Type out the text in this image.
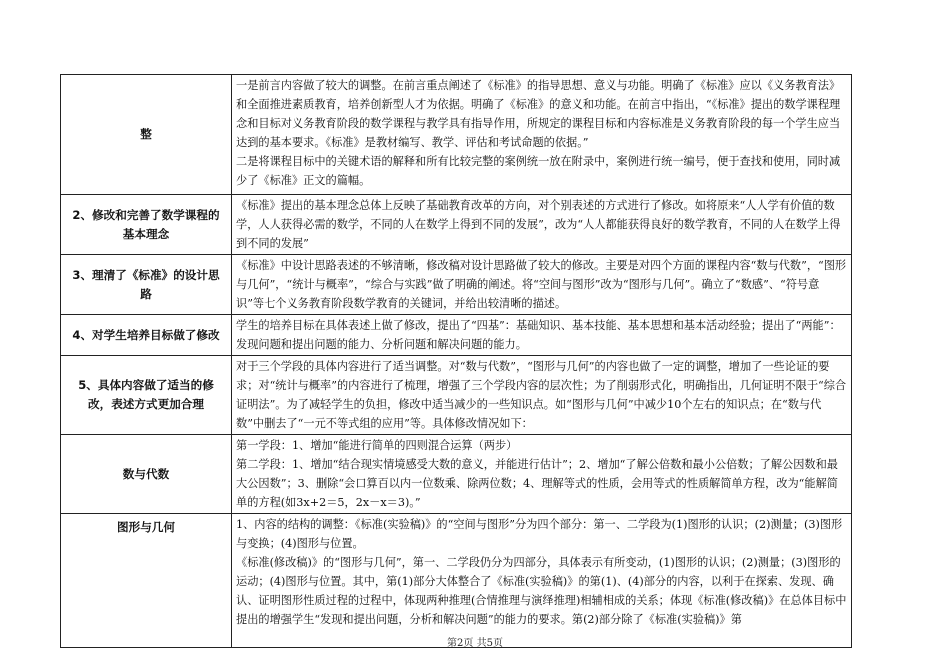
整	一是前言内容做了较大的调整。在前言重点阐述了《标准》的指导思想、意义与功能。明确了《标准》应以《义务教育法》和全面推进素质教育，培养创新型人才为依据。明确了《标准》的意义和功能。在前言中指出，“《标准》提出的数学课程理念和目标对义务教育阶段的数学课程与教学具有指导作用，所规定的课程目标和内容标准是义务教育阶段的每一个学生应当达到的基本要求。《标准》是教材编写、教学、评估和考试命题的依据。”
二是将课程目标中的关键术语的解释和所有比较完整的案例统一放在附录中，案例进行统一编号，便于查找和使用，同时减少了《标准》正文的篇幅。

2、修改和完善了数学课程的基本理念	《标准》提出的基本理念总体上反映了基础教育改革的方向，对个别表述的方式进行了修改。如将原来“人人学有价值的数学，人人获得必需的数学，不同的人在数学上得到不同的发展”，改为“人人都能获得良好的数学教育，不同的人在数学上得到不同的发展”

3、理清了《标准》的设计思路	《标准》中设计思路表述的不够清晰，修改稿对设计思路做了较大的修改。主要是对四个方面的课程内容“数与代数”，“图形与几何”，“统计与概率”，“综合与实践”做了明确的阐述。将“空间与图形”改为“图形与几何”。确立了“数感”、“符号意识”等七个义务教育阶段数学教育的关键词，并给出较清晰的描述。

4、对学生培养目标做了修改	学生的培养目标在具体表述上做了修改，提出了“四基”：基础知识、基本技能、基本思想和基本活动经验；提出了“两能”：发现问题和提出问题的能力、分析问题和解决问题的能力。

5、具体内容做了适当的修改，表述方式更加合理	对于三个学段的具体内容进行了适当调整。对“数与代数”，“图形与几何”的内容也做了一定的调整，增加了一些论证的要求；对“统计与概率”的内容进行了梳理，增强了三个学段内容的层次性；为了削弱形式化，明确指出，几何证明不限于“综合证明法”。为了减轻学生的负担，修改中适当减少的一些知识点。如“图形与几何”中减少10个左右的知识点；在“数与代数”中删去了“一元不等式组的应用”等。具体修改情况如下：

数与代数	第一学段：1、增加“能进行简单的四则混合运算（两步）
第二学段：1、增加“结合现实情境感受大数的意义，并能进行估计”；2、增加“了解公倍数和最小公倍数；了解公因数和最大公因数”；3、删除“会口算百以内一位数乘、除两位数；4、理解等式的性质，会用等式的性质解简单方程，改为“能解简单的方程(如3x+2＝5，2x－x＝3)。”

图形与几何	1、内容的结构的调整：《标准(实验稿)》的“空间与图形”分为四个部分：第一、二学段为(1)图形的认识；(2)测量；(3)图形与变换；(4)图形与位置。
《标准(修改稿)》的“图形与几何”，第一、二学段仍分为四部分，具体表示有所变动，(1)图形的认识；(2)测量；(3)图形的运动；(4)图形与位置。其中，第(1)部分大体整合了《标准(实验稿)》的第(1)、(4)部分的内容，以利于在探索、发现、确认、证明图形性质过程的过程中，体现两种推理(合情推理与演绎推理)相辅相成的关系；体现《标准(修改稿)》在总体目标中提出的增强学生“发现和提出问题，分析和解决问题”的能力的要求。第(2)部分除了《标准(实验稿)》第
第2页 共5页
